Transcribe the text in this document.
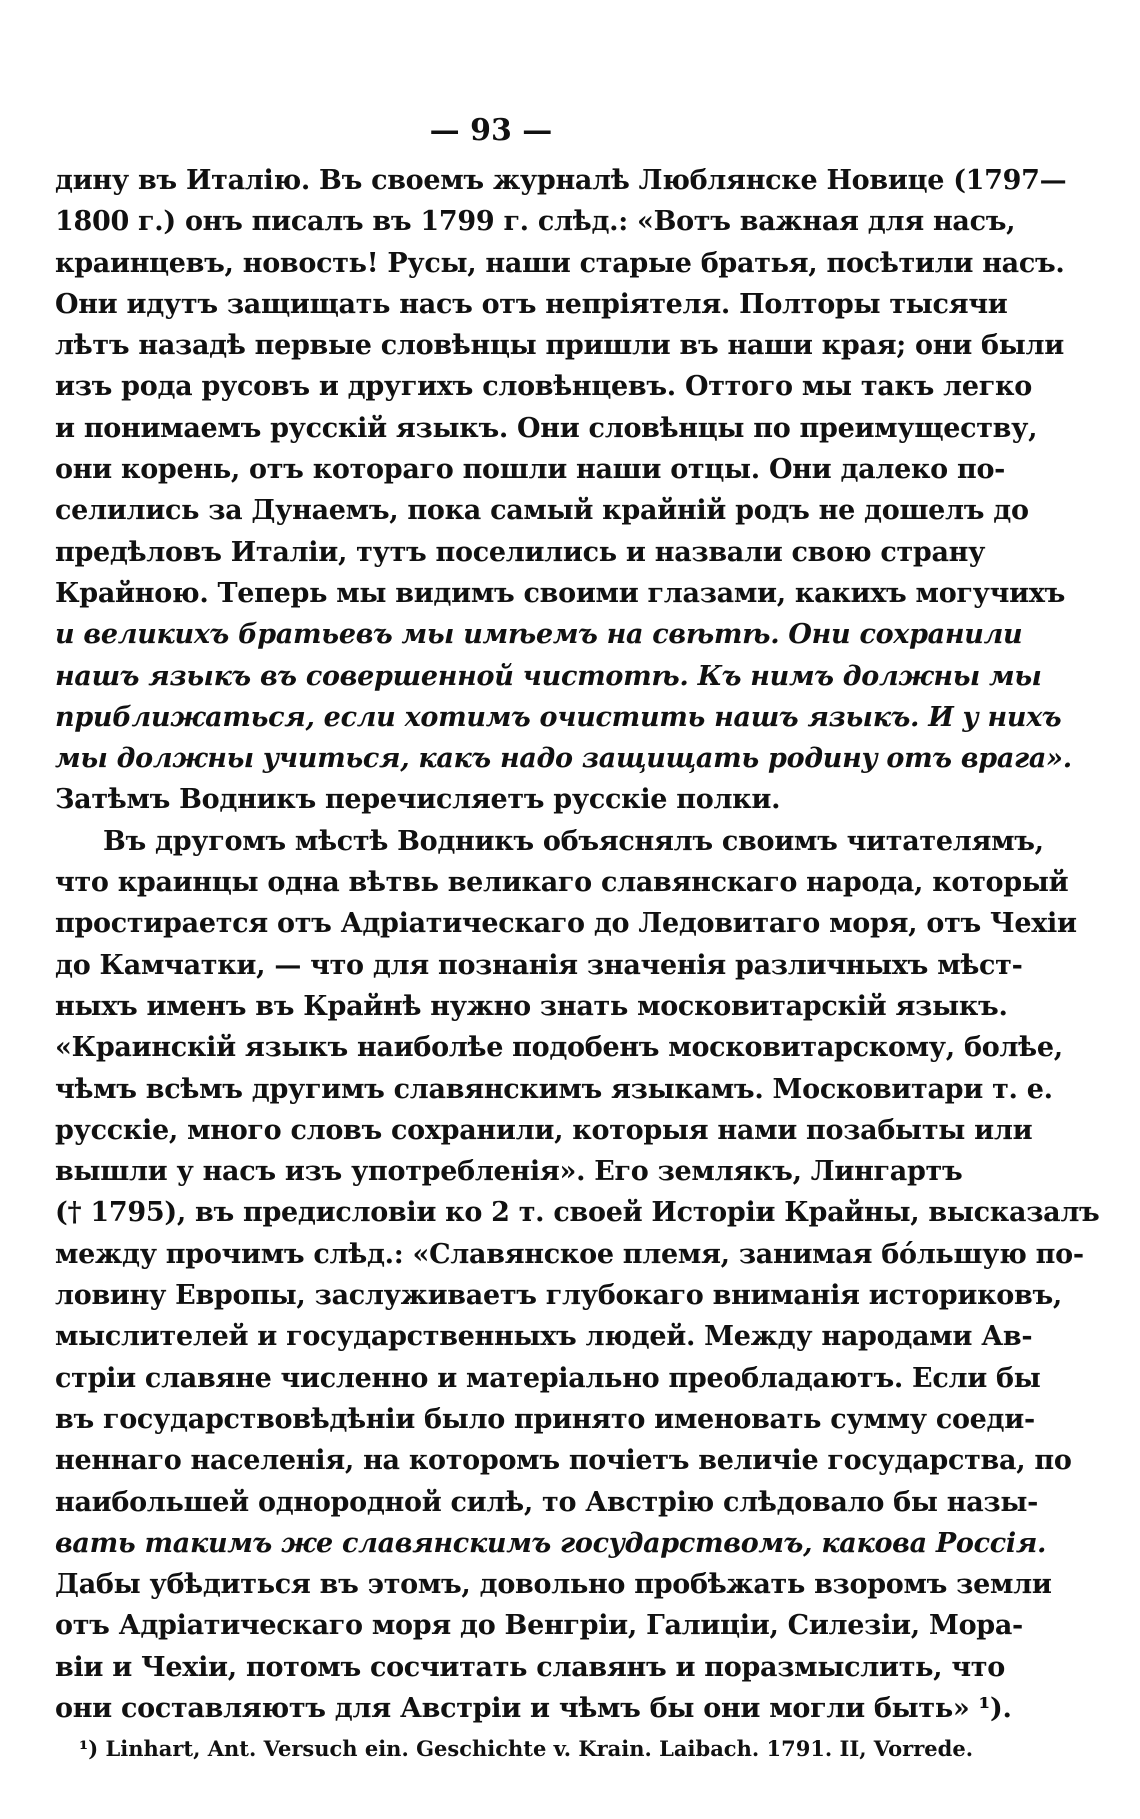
— 93 —
дину въ Италію. Въ своемъ журналѣ Люблянске Новице (1797—
1800 г.) онъ писалъ въ 1799 г. слѣд.: «Вотъ важная для насъ,
краинцевъ, новость! Русы, наши старые братья, посѣтили насъ.
Они идутъ защищать насъ отъ непріятеля. Полторы тысячи
лѣтъ назадѣ первые словѣнцы пришли въ наши края; они были
изъ рода русовъ и другихъ словѣнцевъ. Оттого мы такъ легко
и понимаемъ русскій языкъ. Они словѣнцы по преимуществу,
они корень, отъ котораго пошли наши отцы. Они далеко по-
селились за Дунаемъ, пока самый крайній родъ не дошелъ до
предѣловъ Италіи, тутъ поселились и назвали свою страну
Крайною. Теперь мы видимъ своими глазами, какихъ могучихъ
и великихъ братьевъ мы имѣемъ на свѣтѣ. Они сохранили
нашъ языкъ въ совершенной чистотѣ. Къ нимъ должны мы
приближаться, если хотимъ очистить нашъ языкъ. И у нихъ
мы должны учиться, какъ надо защищать родину отъ врага».
Затѣмъ Водникъ перечисляетъ русскіе полки.
Въ другомъ мѣстѣ Водникъ объяснялъ своимъ читателямъ,
что краинцы одна вѣтвь великаго славянскаго народа, который
простирается отъ Адріатическаго до Ледовитаго моря, отъ Чехіи
до Камчатки, — что для познанія значенія различныхъ мѣст-
ныхъ именъ въ Крайнѣ нужно знать московитарскій языкъ.
«Краинскій языкъ наиболѣе подобенъ московитарскому, болѣе,
чѣмъ всѣмъ другимъ славянскимъ языкамъ. Московитари т. е.
русскіе, много словъ сохранили, которыя нами позабыты или
вышли у насъ изъ употребленія». Его землякъ, Лингартъ
(† 1795), въ предисловіи ко 2 т. своей Исторіи Крайны, высказалъ
между прочимъ слѣд.: «Славянское племя, занимая бо́льшую по-
ловину Европы, заслуживаетъ глубокаго вниманія историковъ,
мыслителей и государственныхъ людей. Между народами Ав-
стріи славяне численно и матеріально преобладаютъ. Если бы
въ государствовѣдѣніи было принято именовать сумму соеди-
неннаго населенія, на которомъ почіетъ величіе государства, по
наибольшей однородной силѣ, то Австрію слѣдовало бы назы-
вать такимъ же славянскимъ государствомъ, какова Россія.
Дабы убѣдиться въ этомъ, довольно пробѣжать взоромъ земли
отъ Адріатическаго моря до Венгріи, Галиціи, Силезіи, Мора-
віи и Чехіи, потомъ сосчитать славянъ и поразмыслить, что
они составляютъ для Австріи и чѣмъ бы они могли быть» ¹).
¹) Linhart, Ant. Versuch ein. Geschichte v. Krain. Laibach. 1791. II, Vorrede.
